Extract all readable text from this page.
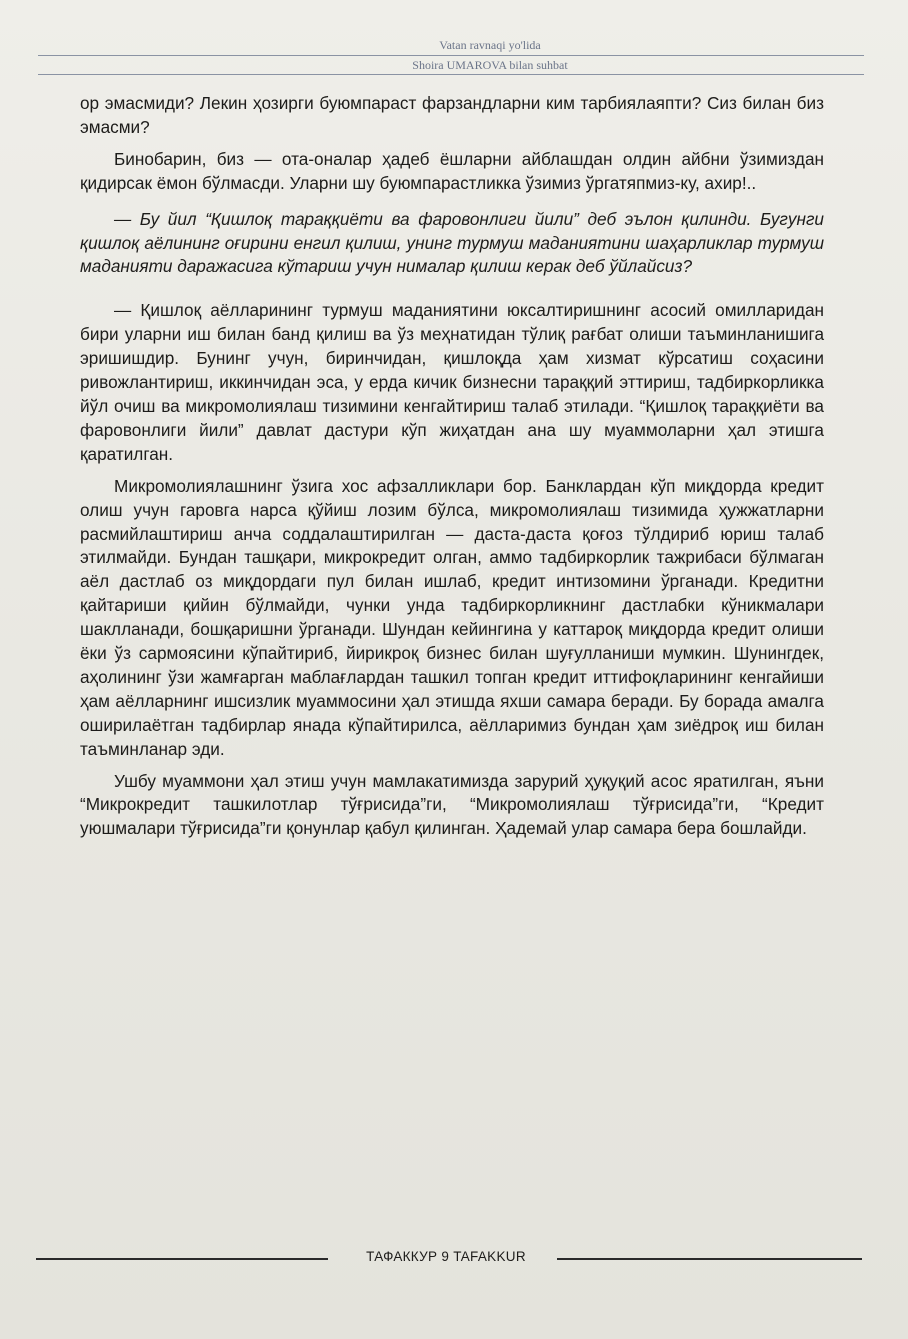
Vatan ravnaqi yo'lida
Shoira UMAROVA bilan suhbat

ор эмасмиди? Лекин ҳозирги буюмпараст фарзандларни ким тарбиялаяпти? Сиз билан биз эмасми?

Бинобарин, биз — ота-оналар ҳадеб ёшларни айблашдан олдин айбни ўзимиздан қидирсак ёмон бўлмасди. Уларни шу буюмпарастликка ўзимиз ўргатяпмиз-ку, ахир!..

— Бу йил “Қишлоқ тараққиёти ва фаровонлиги йили” деб эълон қилинди. Бугунги қишлоқ аёлининг оғирини енгил қилиш, унинг турмуш маданиятини шаҳарликлар турмуш маданияти даражасига кўтариш учун нималар қилиш керак деб ўйлайсиз?

— Қишлоқ аёлларининг турмуш маданиятини юксалтиришнинг асосий омилларидан бири уларни иш билан банд қилиш ва ўз меҳнатидан тўлиқ рағбат олиши таъминланишига эришишдир. Бунинг учун, биринчидан, қишлоқда ҳам хизмат кўрсатиш соҳасини ривожлантириш, иккинчидан эса, у ерда кичик бизнесни тараққий эттириш, тадбиркорликка йўл очиш ва микромолиялаш тизимини кенгайтириш талаб этилади. “Қишлоқ тараққиёти ва фаровонлиги йили” давлат дастури кўп жиҳатдан ана шу муаммоларни ҳал этишга қаратилган.

Микромолиялашнинг ўзига хос афзалликлари бор. Банклардан кўп миқдорда кредит олиш учун гаровга нарса қўйиш лозим бўлса, микромолиялаш тизимида ҳужжатларни расмийлаштириш анча соддалаштирилган — даста-даста қоғоз тўлдириб юриш талаб этилмайди. Бундан ташқари, микрокредит олган, аммо тадбиркорлик тажрибаси бўлмаган аёл дастлаб оз миқдордаги пул билан ишлаб, кредит интизомини ўрганади. Кредитни қайтариши қийин бўлмайди, чунки унда тадбиркорликнинг дастлабки кўникмалари шаклланади, бошқаришни ўрганади. Шундан кейингина у каттароқ миқдорда кредит олиши ёки ўз сармоясини кўпайтириб, йирикроқ бизнес билан шуғулланиши мумкин. Шунингдек, аҳолининг ўзи жамғарган маблағлардан ташкил топган кредит иттифоқларининг кенгайиши ҳам аёлларнинг ишсизлик муаммосини ҳал этишда яхши самара беради. Бу борада амалга оширилаётган тадбирлар янада кўпайтирилса, аёлларимиз бундан ҳам зиёдроқ иш билан таъминланар эди.

Ушбу муаммони ҳал этиш учун мамлакатимизда зарурий ҳуқуқий асос яратилган, яъни “Микрокредит ташкилотлар тўғрисида”ги, “Микромолиялаш тўғрисида”ги, “Кредит уюшмалари тўғрисида”ги қонунлар қабул қилинган. Ҳадемай улар самара бера бошлайди.

ТАФАККУР 9 TAFAKKUR
